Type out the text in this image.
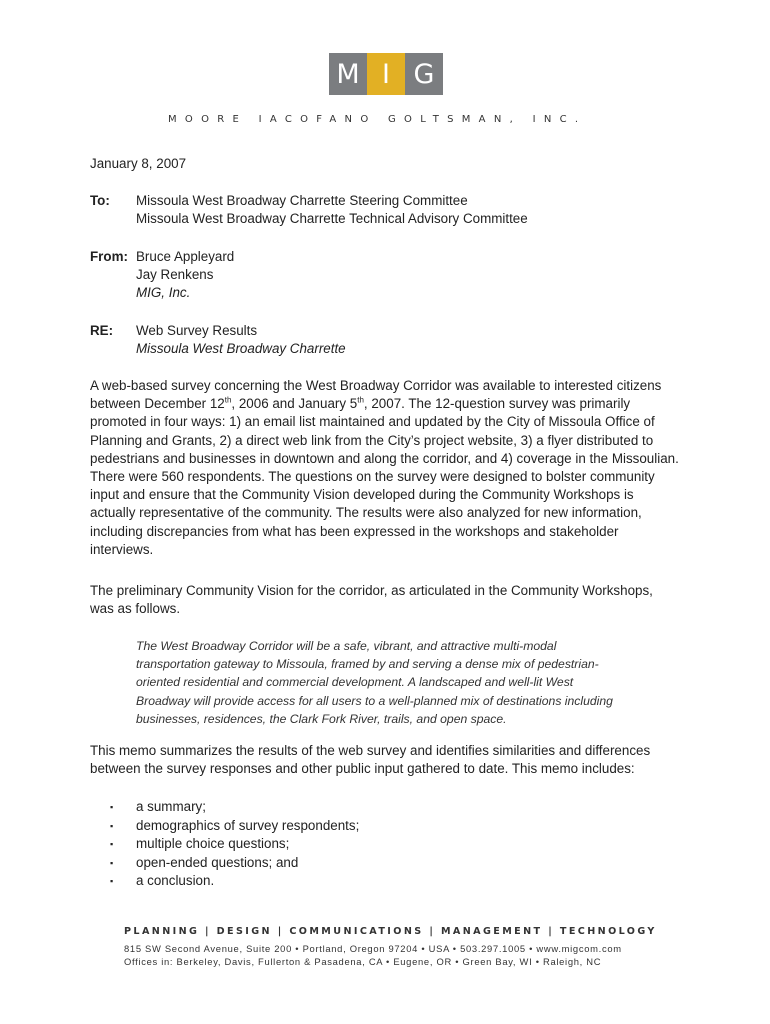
M I G
MOORE IACOFANO GOLTSMAN, INC.
January 8, 2007
To:	Missoula West Broadway Charrette Steering Committee
Missoula West Broadway Charrette Technical Advisory Committee
From: Bruce Appleyard
Jay Renkens
MIG, Inc.
RE:	Web Survey Results
Missoula West Broadway Charrette
A web-based survey concerning the West Broadway Corridor was available to interested citizens between December 12th, 2006 and January 5th, 2007. The 12-question survey was primarily promoted in four ways: 1) an email list maintained and updated by the City of Missoula Office of Planning and Grants, 2) a direct web link from the City’s project website, 3) a flyer distributed to pedestrians and businesses in downtown and along the corridor, and 4) coverage in the Missoulian. There were 560 respondents. The questions on the survey were designed to bolster community input and ensure that the Community Vision developed during the Community Workshops is actually representative of the community. The results were also analyzed for new information, including discrepancies from what has been expressed in the workshops and stakeholder interviews.
The preliminary Community Vision for the corridor, as articulated in the Community Workshops, was as follows.
The West Broadway Corridor will be a safe, vibrant, and attractive multi-modal transportation gateway to Missoula, framed by and serving a dense mix of pedestrian-oriented residential and commercial development. A landscaped and well-lit West Broadway will provide access for all users to a well-planned mix of destinations including businesses, residences, the Clark Fork River, trails, and open space.
This memo summarizes the results of the web survey and identifies similarities and differences between the survey responses and other public input gathered to date. This memo includes:
▪	a summary;
▪	demographics of survey respondents;
▪	multiple choice questions;
▪	open-ended questions; and
▪	a conclusion.
PLANNING | DESIGN | COMMUNICATIONS | MANAGEMENT | TECHNOLOGY
815 SW Second Avenue, Suite 200 • Portland, Oregon 97204 • USA • 503.297.1005 • www.migcom.com
Offices in: Berkeley, Davis, Fullerton & Pasadena, CA • Eugene, OR • Green Bay, WI • Raleigh, NC
